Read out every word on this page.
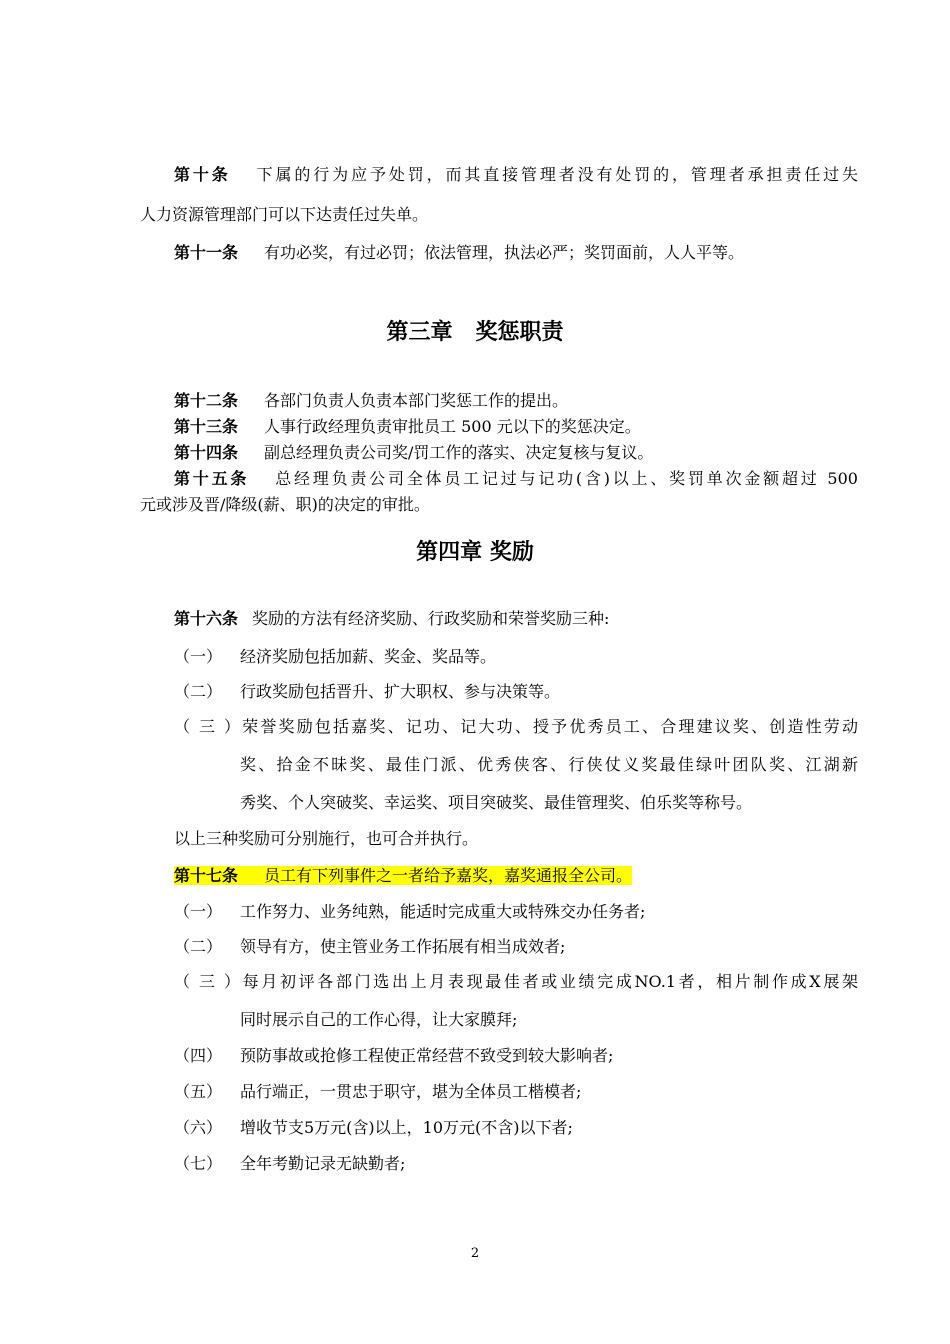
第十条 下属的行为应予处罚，而其直接管理者没有处罚的，管理者承担责任过失
人力资源管理部门可以下达责任过失单。
第十一条 有功必奖，有过必罚；依法管理，执法必严；奖罚面前，人人平等。
第三章   奖惩职责
第十二条 各部门负责人负责本部门奖惩工作的提出。
第十三条 人事行政经理负责审批员工 500 元以下的奖惩决定。
第十四条 副总经理负责公司奖/罚工作的落实、决定复核与复议。
第十五条 总经理负责公司全体员工记过与记功(含)以上、奖罚单次金额超过 500
元或涉及晋/降级(薪、职)的决定的审批。
第四章 奖励
第十六条 奖励的方法有经济奖励、行政奖励和荣誉奖励三种:
（一） 经济奖励包括加薪、奖金、奖品等。
（二） 行政奖励包括晋升、扩大职权、参与决策等。
（三）荣誉奖励包括嘉奖、记功、记大功、授予优秀员工、合理建议奖、创造性劳动
奖、拾金不昧奖、最佳门派、优秀侠客、行侠仗义奖最佳绿叶团队奖、江湖新
秀奖、个人突破奖、幸运奖、项目突破奖、最佳管理奖、伯乐奖等称号。
以上三种奖励可分别施行，也可合并执行。
第十七条 员工有下列事件之一者给予嘉奖，嘉奖通报全公司。
（一） 工作努力、业务纯熟，能适时完成重大或特殊交办任务者;
（二） 领导有方，使主管业务工作拓展有相当成效者;
（三）每月初评各部门选出上月表现最佳者或业绩完成NO.1者，相片制作成X展架
同时展示自己的工作心得，让大家膜拜;
（四） 预防事故或抢修工程使正常经营不致受到较大影响者;
（五） 品行端正，一贯忠于职守，堪为全体员工楷模者;
（六） 增收节支5万元(含)以上，10万元(不含)以下者;
（七） 全年考勤记录无缺勤者;
2
